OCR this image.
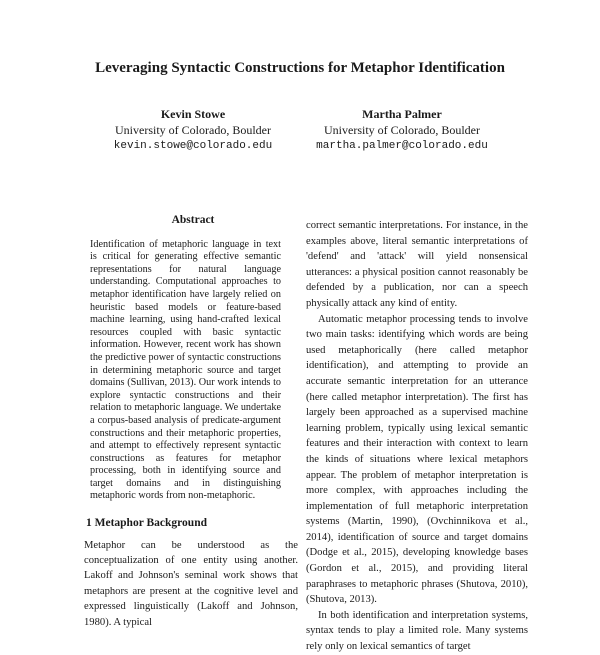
Leveraging Syntactic Constructions for Metaphor Identification
Kevin Stowe
University of Colorado, Boulder
kevin.stowe@colorado.edu
Martha Palmer
University of Colorado, Boulder
martha.palmer@colorado.edu

Abstract

Identification of metaphoric language in text is critical for generating effective semantic representations for natural language understanding. Computational approaches to metaphor identification have largely relied on heuristic based models or feature-based machine learning, using hand-crafted lexical resources coupled with basic syntactic information. However, recent work has shown the predictive power of syntactic constructions in determining metaphoric source and target domains (Sullivan, 2013). Our work intends to explore syntactic constructions and their relation to metaphoric language. We undertake a corpus-based analysis of predicate-argument constructions and their metaphoric properties, and attempt to effectively represent syntactic constructions as features for metaphor processing, both in identifying source and target domains and in distinguishing metaphoric words from non-metaphoric.

1 Metaphor Background

Metaphor can be understood as the conceptualization of one entity using another. Lakoff and Johnson's seminal work shows that metaphors are present at the cognitive level and expressed linguistically (Lakoff and Johnson, 1980). A typical

correct semantic interpretations. For instance, in the examples above, literal semantic interpretations of 'defend' and 'attack' will yield nonsensical utterances: a physical position cannot reasonably be defended by a publication, nor can a speech physically attack any kind of entity.

Automatic metaphor processing tends to involve two main tasks: identifying which words are being used metaphorically (here called metaphor identification), and attempting to provide an accurate semantic interpretation for an utterance (here called metaphor interpretation). The first has largely been approached as a supervised machine learning problem, typically using lexical semantic features and their interaction with context to learn the kinds of situations where lexical metaphors appear. The problem of metaphor interpretation is more complex, with approaches including the implementation of full metaphoric interpretation systems (Martin, 1990), (Ovchinnikova et al., 2014), identification of source and target domains (Dodge et al., 2015), developing knowledge bases (Gordon et al., 2015), and providing literal paraphrases to metaphoric phrases (Shutova, 2010), (Shutova, 2013).

In both identification and interpretation systems, syntax tends to play a limited role. Many systems rely only on lexical semantics of target
